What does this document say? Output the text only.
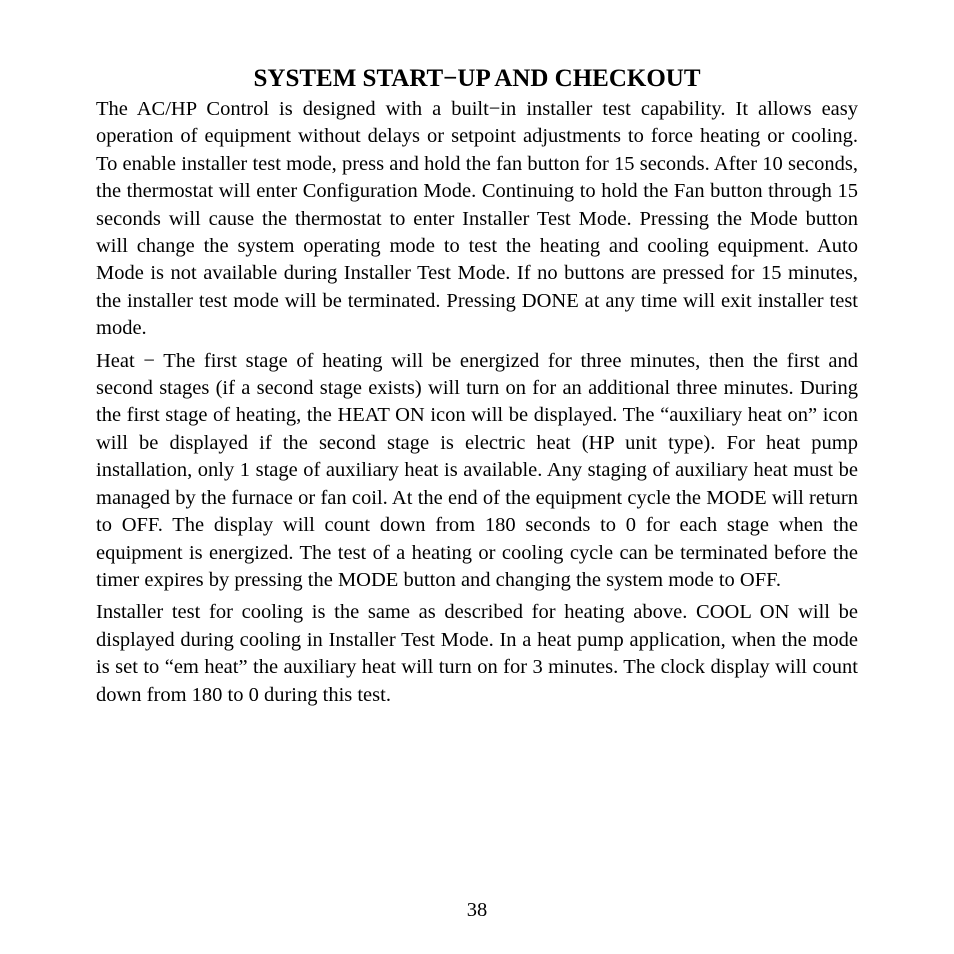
SYSTEM START−UP AND CHECKOUT

The AC/HP Control is designed with a built−in installer test capability. It allows easy operation of equipment without delays or setpoint adjustments to force heating or cooling. To enable installer test mode, press and hold the fan button for 15 seconds. After 10 seconds, the thermostat will enter Configuration Mode. Continuing to hold the Fan button through 15 seconds will cause the thermostat to enter Installer Test Mode. Pressing the Mode button will change the system operating mode to test the heating and cooling equipment. Auto Mode is not available during Installer Test Mode. If no buttons are pressed for 15 minutes, the installer test mode will be terminated. Pressing DONE at any time will exit installer test mode.

Heat − The first stage of heating will be energized for three minutes, then the first and second stages (if a second stage exists) will turn on for an additional three minutes. During the first stage of heating, the HEAT ON icon will be displayed. The “auxiliary heat on” icon will be displayed if the second stage is electric heat (HP unit type). For heat pump installation, only 1 stage of auxiliary heat is available. Any staging of auxiliary heat must be managed by the furnace or fan coil. At the end of the equipment cycle the MODE will return to OFF. The display will count down from 180 seconds to 0 for each stage when the equipment is energized. The test of a heating or cooling cycle can be terminated before the timer expires by pressing the MODE button and changing the system mode to OFF.

Installer test for cooling is the same as described for heating above. COOL ON will be displayed during cooling in Installer Test Mode. In a heat pump application, when the mode is set to “em heat” the auxiliary heat will turn on for 3 minutes. The clock display will count down from 180 to 0 during this test.

38
